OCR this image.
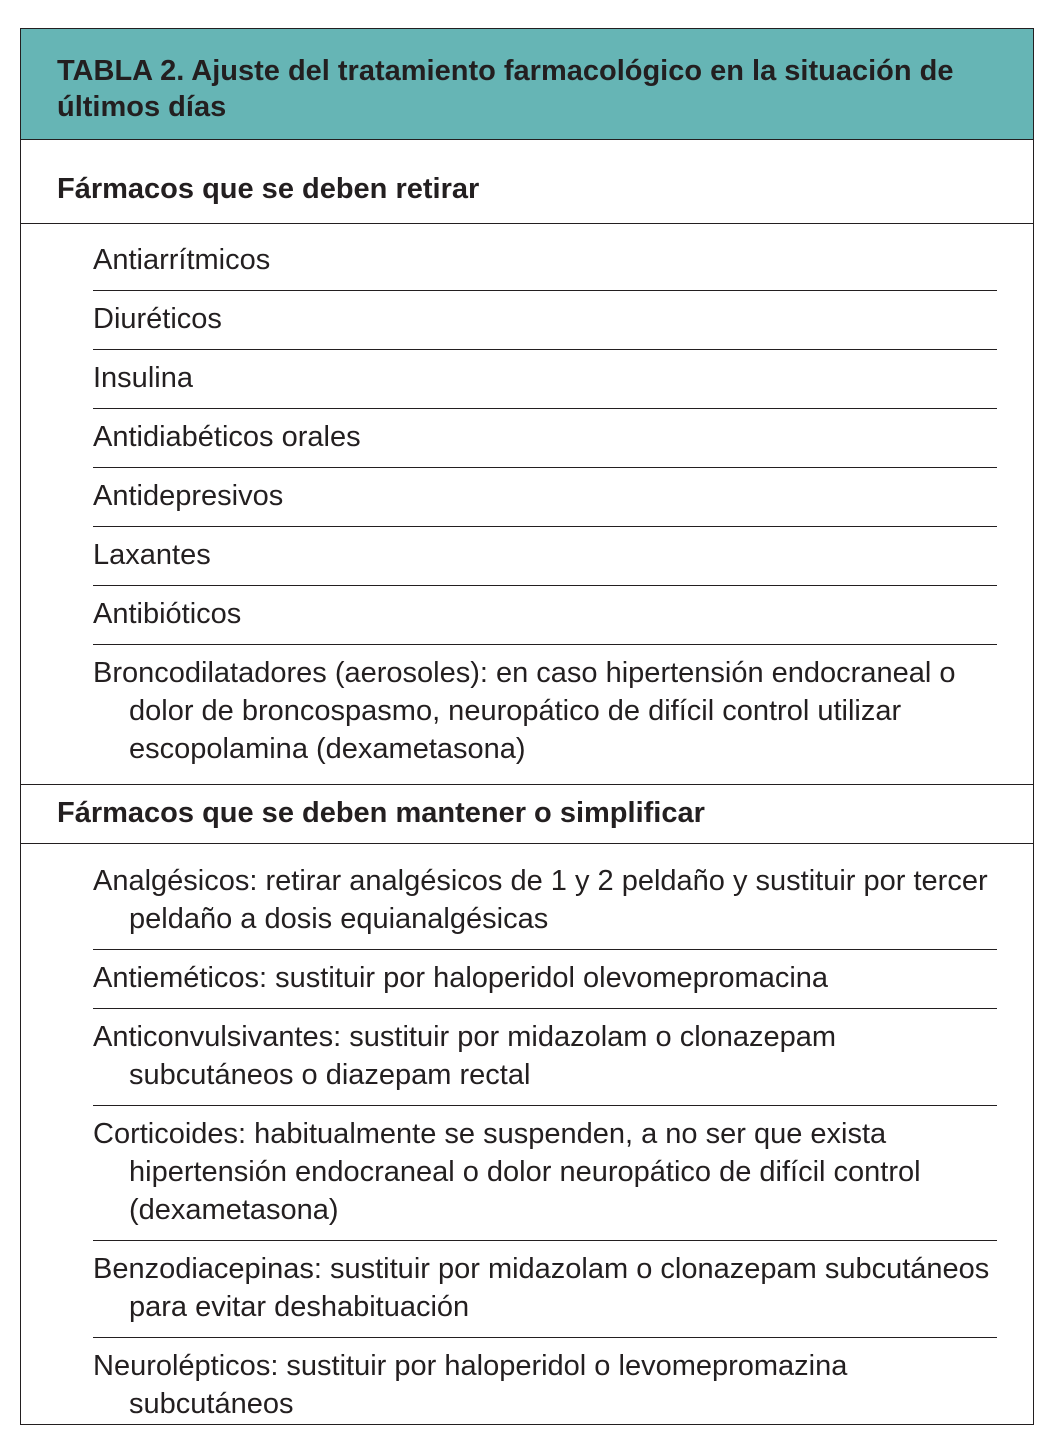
TABLA 2. Ajuste del tratamiento farmacológico en la situación de últimos días
Fármacos que se deben retirar
Antiarrítmicos
Diuréticos
Insulina
Antidiabéticos orales
Antidepresivos
Laxantes
Antibióticos
Broncodilatadores (aerosoles): en caso hipertensión endocraneal o dolor de broncospasmo, neuropático de difícil control utilizar escopolamina (dexametasona)
Fármacos que se deben mantener o simplificar
Analgésicos: retirar analgésicos de 1 y 2 peldaño y sustituir por tercer peldaño a dosis equianalgésicas
Antieméticos: sustituir por haloperidol olevomepromacina
Anticonvulsivantes: sustituir por midazolam o clonazepam subcutáneos o diazepam rectal
Corticoides: habitualmente se suspenden, a no ser que exista hipertensión endocraneal o dolor neuropático de difícil control (dexametasona)
Benzodiacepinas: sustituir por midazolam o clonazepam subcutáneos para evitar deshabituación
Neurolépticos: sustituir por haloperidol o levomepromazina subcutáneos
